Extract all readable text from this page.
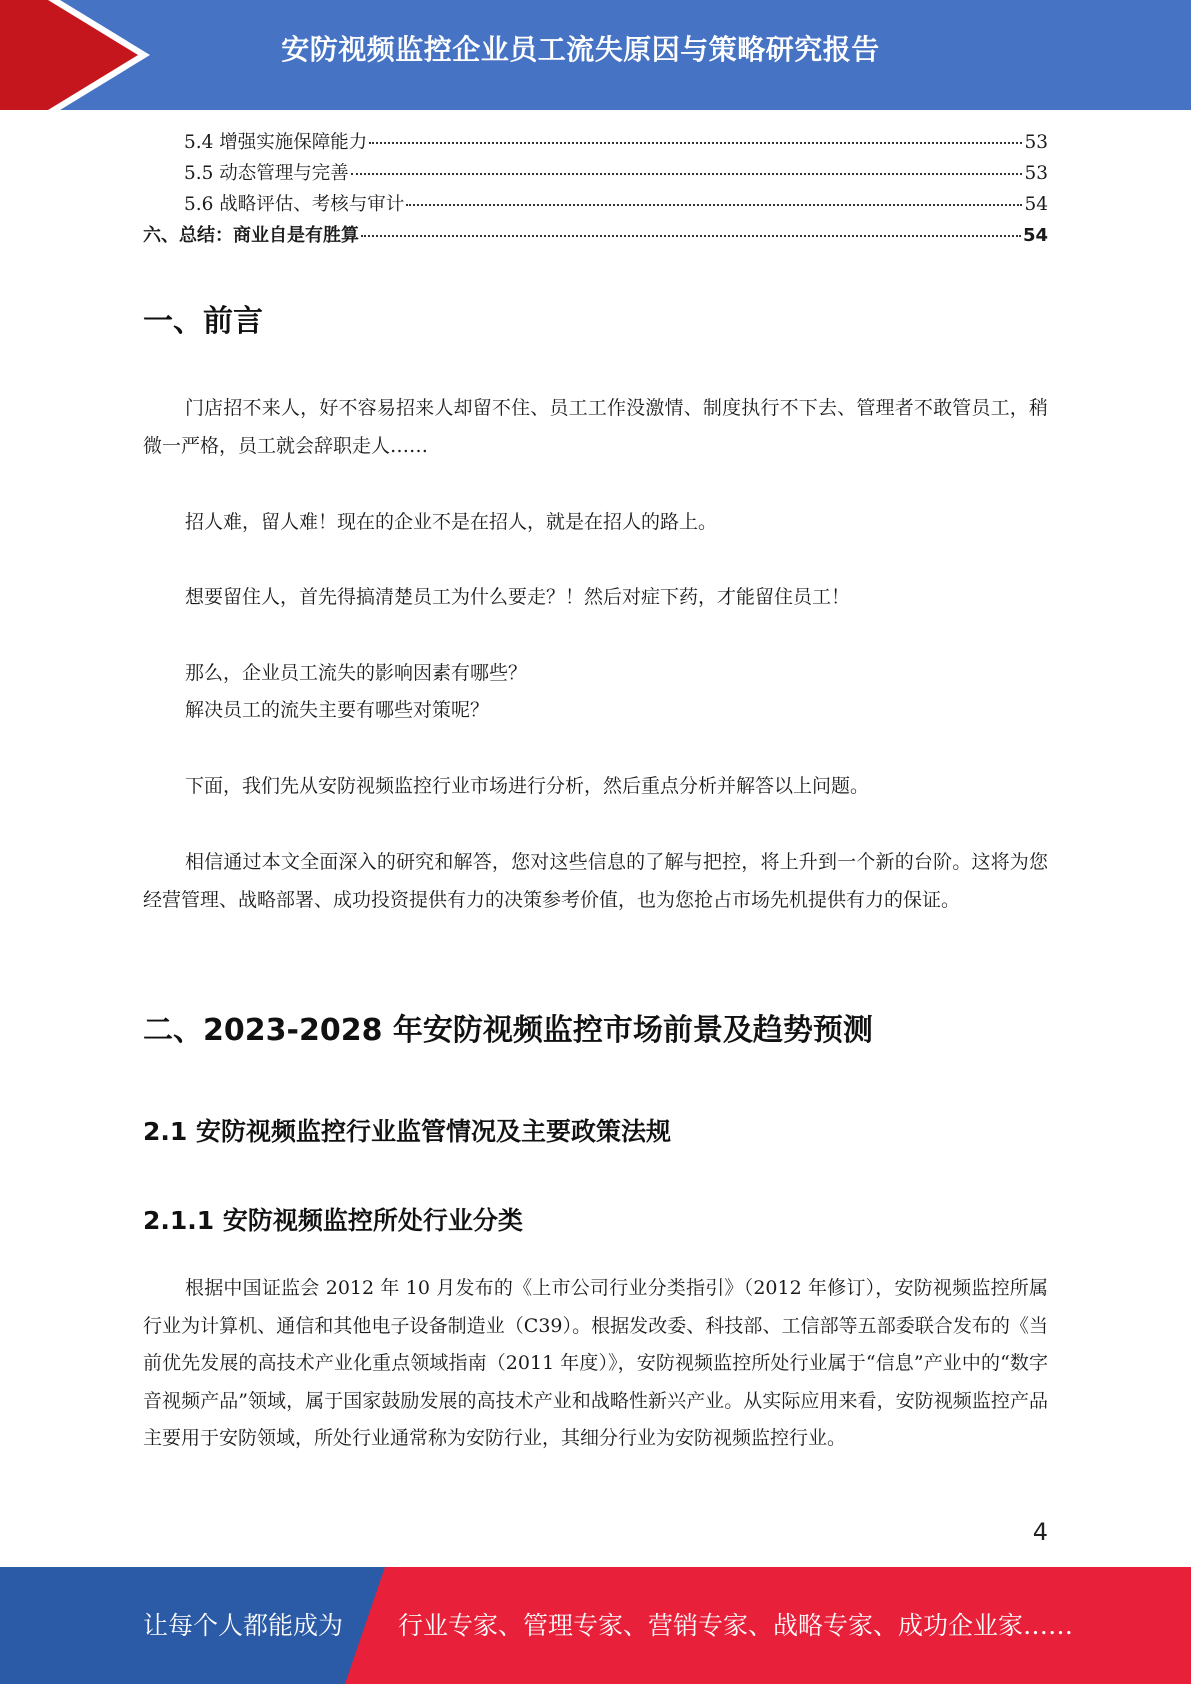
安防视频监控企业员工流失原因与策略研究报告
5.4 增强实施保障能力	53
5.5 动态管理与完善	53
5.6 战略评估、考核与审计	54
六、总结：商业自是有胜算	54
一、前言

门店招不来人，好不容易招来人却留不住、员工工作没激情、制度执行不下去、管理者不敢管员工，稍微一严格，员工就会辞职走人……

招人难，留人难！现在的企业不是在招人，就是在招人的路上。

想要留住人，首先得搞清楚员工为什么要走？！然后对症下药，才能留住员工！

那么，企业员工流失的影响因素有哪些？

解决员工的流失主要有哪些对策呢？

下面，我们先从安防视频监控行业市场进行分析，然后重点分析并解答以上问题。

相信通过本文全面深入的研究和解答，您对这些信息的了解与把控，将上升到一个新的台阶。这将为您经营管理、战略部署、成功投资提供有力的决策参考价值，也为您抢占市场先机提供有力的保证。

二、2023-2028 年安防视频监控市场前景及趋势预测
2.1 安防视频监控行业监管情况及主要政策法规
2.1.1 安防视频监控所处行业分类

根据中国证监会 2012 年 10 月发布的《上市公司行业分类指引》（2012 年修订），安防视频监控所属行业为计算机、通信和其他电子设备制造业（C39）。根据发改委、科技部、工信部等五部委联合发布的《当前优先发展的高技术产业化重点领域指南（2011 年度）》，安防视频监控所处行业属于“信息”产业中的“数字音视频产品”领域，属于国家鼓励发展的高技术产业和战略性新兴产业。从实际应用来看，安防视频监控产品主要用于安防领域，所处行业通常称为安防行业，其细分行业为安防视频监控行业。

4
让每个人都能成为 行业专家、管理专家、营销专家、战略专家、成功企业家……
